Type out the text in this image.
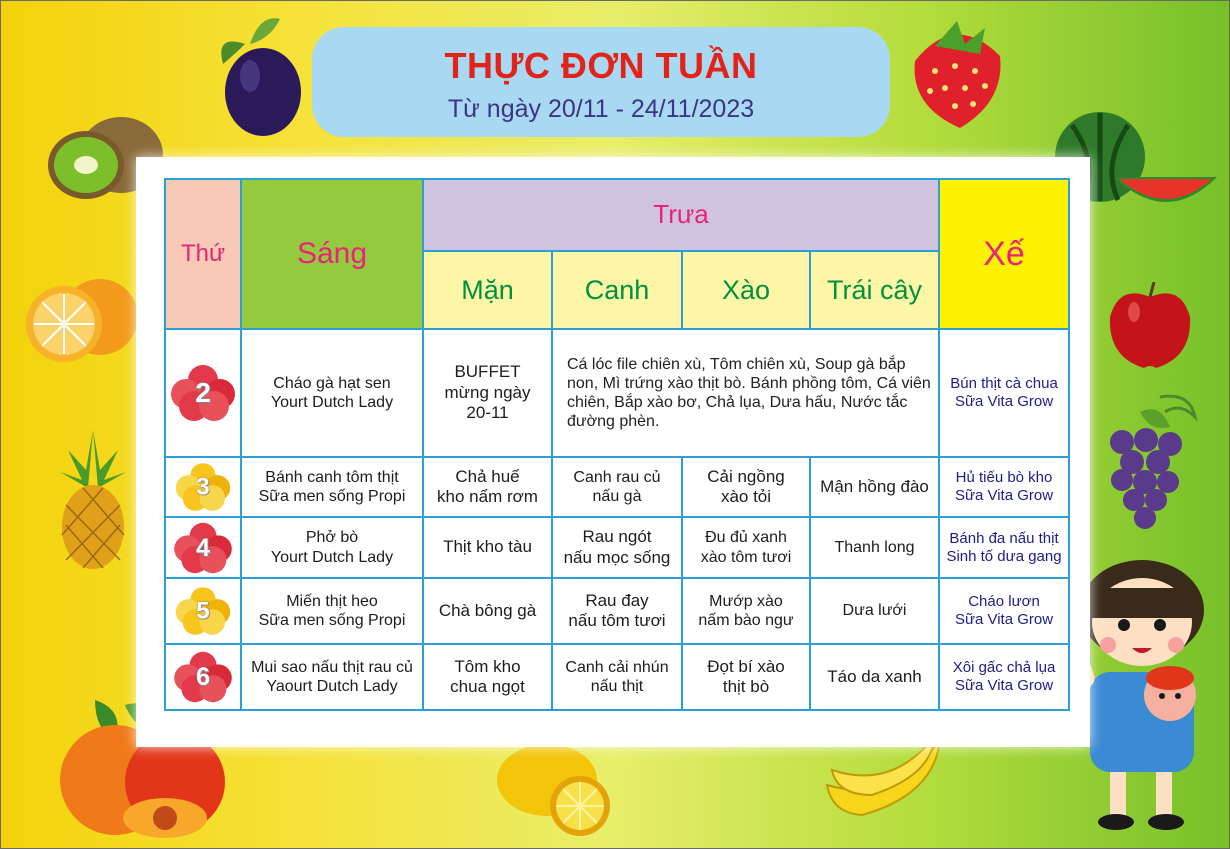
THỰC ĐƠN TUẦN
Từ ngày 20/11 - 24/11/2023
Thứ	Sáng	Trưa				Xế
		Mặn	Canh	Xào	Trái cây	

2	Cháo gà hạt sen
Yourt Dutch Lady	BUFFET
mừng ngày
20-11	Cá lóc file chiên xù, Tôm chiên xù, Soup gà bắp non, Mì trứng xào thịt bò. Bánh phồng tôm, Cá viên chiên, Bắp xào bơ, Chả lụa, Dưa hấu, Nước tắc đường phèn.			Bún thịt cà chua
Sữa Vita Grow

3	Bánh canh tôm thịt
Sữa men sống Propi	Chả huế
kho nấm rơm	Canh rau củ
nấu gà	Cải ngồng
xào tỏi	Mận hồng đào	Hủ tiếu bò kho
Sữa Vita Grow

4	Phở bò
Yourt Dutch Lady	Thịt kho tàu	Rau ngót
nấu mọc sống	Đu đủ xanh
xào tôm tươi	Thanh long	Bánh đa nấu thịt
Sinh tố dưa gang

5	Miến thịt heo
Sữa men sống Propi	Chà bông gà	Rau đay
nấu tôm tươi	Mướp xào
nấm bào ngư	Dưa lưới	Cháo lươn
Sữa Vita Grow

6	Mui sao nấu thịt rau củ
Yaourt Dutch Lady	Tôm kho
chua ngọt	Canh cải nhún
nấu thịt	Đọt bí xào
thịt bò	Táo da xanh	Xôi gấc chả lụa
Sữa Vita Grow
